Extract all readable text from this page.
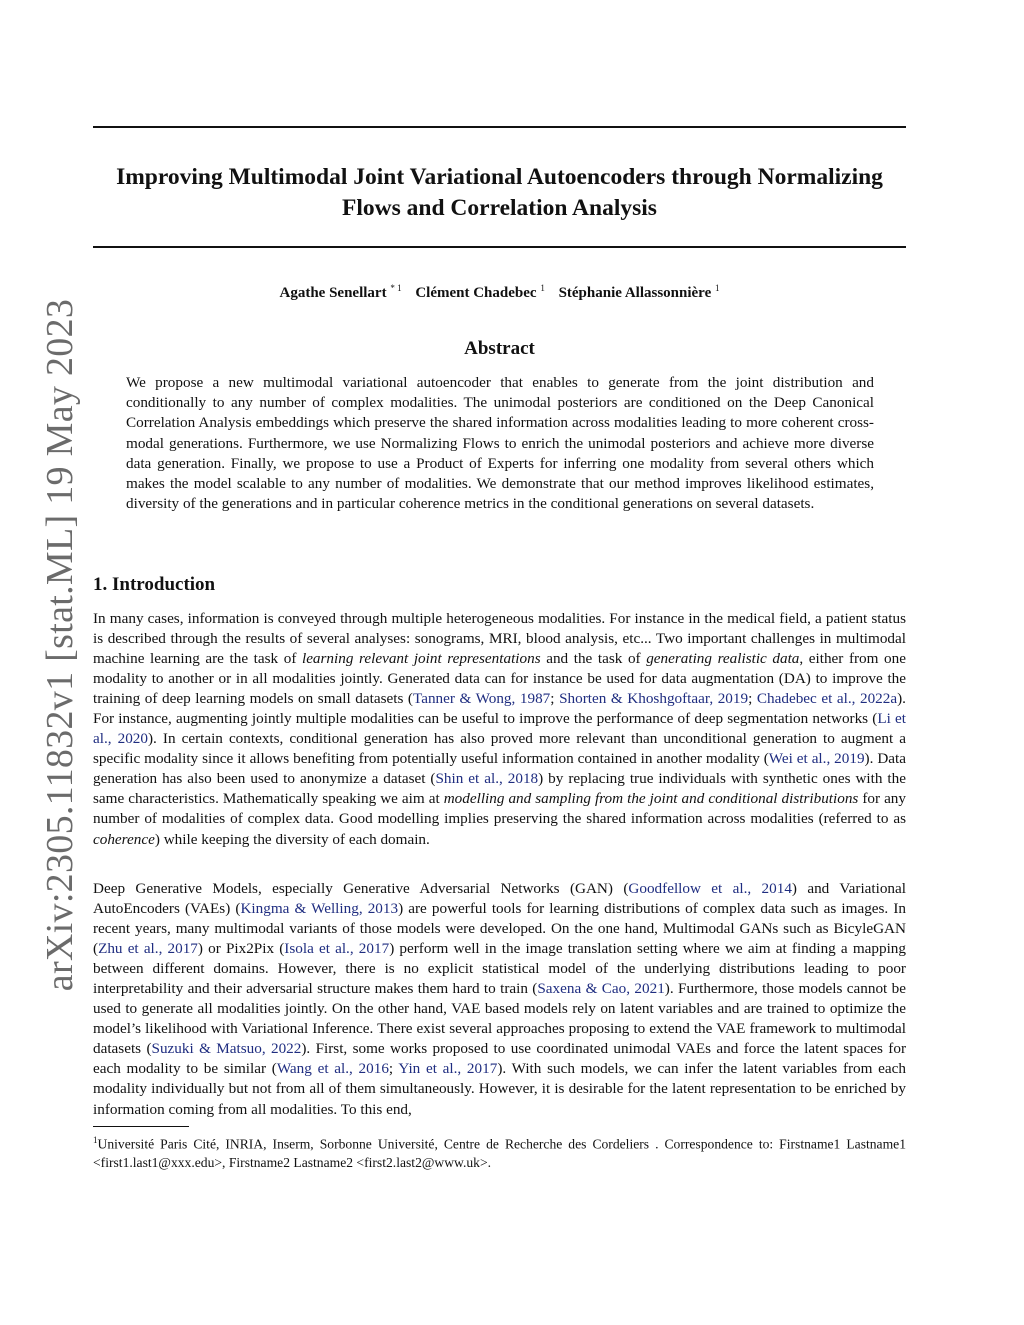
arXiv:2305.11832v1 [stat.ML] 19 May 2023
Improving Multimodal Joint Variational Autoencoders through Normalizing Flows and Correlation Analysis
Agathe Senellart $^{* 1}$ Clément Chadebec $^1$ Stéphanie Allassonnière $^1$
Abstract

We propose a new multimodal variational autoencoder that enables to generate from the joint distribution and conditionally to any number of complex modalities. The unimodal posteriors are conditioned on the Deep Canonical Correlation Analysis embeddings which preserve the shared information across modalities leading to more coherent cross-modal generations. Furthermore, we use Normalizing Flows to enrich the unimodal posteriors and achieve more diverse data generation. Finally, we propose to use a Product of Experts for inferring one modality from several others which makes the model scalable to any number of modalities. We demonstrate that our method improves likelihood estimates, diversity of the generations and in particular coherence metrics in the conditional generations on several datasets.

1. Introduction

In many cases, information is conveyed through multiple heterogeneous modalities. For instance in the medical field, a patient status is described through the results of several analyses: sonograms, MRI, blood analysis, etc... Two important challenges in multimodal machine learning are the task of learning relevant joint representations and the task of generating realistic data, either from one modality to another or in all modalities jointly. Generated data can for instance be used for data augmentation (DA) to improve the training of deep learning models on small datasets (Tanner & Wong, 1987; Shorten & Khoshgoftaar, 2019; Chadebec et al., 2022a). For instance, augmenting jointly multiple modalities can be useful to improve the performance of deep segmentation networks (Li et al., 2020). In certain contexts, conditional generation has also proved more relevant than unconditional generation to augment a specific modality since it allows benefiting from potentially useful information contained in another modality (Wei et al., 2019). Data generation has also been used to anonymize a dataset (Shin et al., 2018) by replacing true individuals with synthetic ones with the same characteristics. Mathematically speaking we aim at modelling and sampling from the joint and conditional distributions for any number of modalities of complex data. Good modelling implies preserving the shared information across modalities (referred to as coherence) while keeping the diversity of each domain.

Deep Generative Models, especially Generative Adversarial Networks (GAN) (Goodfellow et al., 2014) and Variational AutoEncoders (VAEs) (Kingma & Welling, 2013) are powerful tools for learning distributions of complex data such as images. In recent years, many multimodal variants of those models were developed. On the one hand, Multimodal GANs such as BicyleGAN (Zhu et al., 2017) or Pix2Pix (Isola et al., 2017) perform well in the image translation setting where we aim at finding a mapping between different domains. However, there is no explicit statistical model of the underlying distributions leading to poor interpretability and their adversarial structure makes them hard to train (Saxena & Cao, 2021). Furthermore, those models cannot be used to generate all modalities jointly. On the other hand, VAE based models rely on latent variables and are trained to optimize the model’s likelihood with Variational Inference. There exist several approaches proposing to extend the VAE framework to multimodal datasets (Suzuki & Matsuo, 2022). First, some works proposed to use coordinated unimodal VAEs and force the latent spaces for each modality to be similar (Wang et al., 2016; Yin et al., 2017). With such models, we can infer the latent variables from each modality individually but not from all of them simultaneously. However, it is desirable for the latent representation to be enriched by information coming from all modalities. To this end,

$^1$Université Paris Cité, INRIA, Inserm, Sorbonne Université, Centre de Recherche des Cordeliers . Correspondence to: Firstname1 Lastname1 <first1.last1@xxx.edu>, Firstname2 Lastname2 <first2.last2@www.uk>.
